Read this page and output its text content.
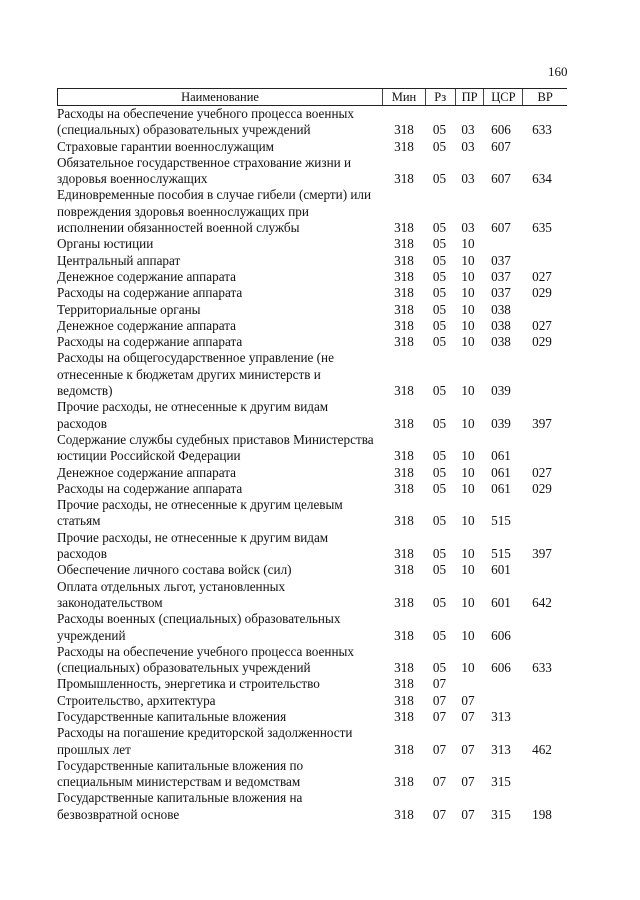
160
Наименование	Мин	Рз	ПР	ЦСР	ВР
Расходы на обеспечение учебного процесса военных (специальных) образовательных учреждений	318	05	03	606	633
Страховые гарантии военнослужащим	318	05	03	607
Обязательное государственное страхование жизни и здоровья военнослужащих	318	05	03	607	634
Единовременные пособия в случае гибели (смерти) или повреждения здоровья военнослужащих при исполнении обязанностей военной службы	318	05	03	607	635
Органы юстиции	318	05	10
Центральный аппарат	318	05	10	037
Денежное содержание аппарата	318	05	10	037	027
Расходы на содержание аппарата	318	05	10	037	029
Территориальные органы	318	05	10	038
Денежное содержание аппарата	318	05	10	038	027
Расходы на содержание аппарата	318	05	10	038	029
Расходы на общегосударственное управление (не отнесенные к бюджетам других министерств и ведомств)	318	05	10	039
Прочие расходы, не отнесенные к другим видам расходов	318	05	10	039	397
Содержание службы судебных приставов Министерства юстиции Российской Федерации	318	05	10	061
Денежное содержание аппарата	318	05	10	061	027
Расходы на содержание аппарата	318	05	10	061	029
Прочие расходы, не отнесенные к другим целевым статьям	318	05	10	515
Прочие расходы, не отнесенные к другим видам расходов	318	05	10	515	397
Обеспечение личного состава войск (сил)	318	05	10	601
Оплата отдельных льгот, установленных законодательством	318	05	10	601	642
Расходы военных (специальных) образовательных учреждений	318	05	10	606
Расходы на обеспечение учебного процесса военных (специальных) образовательных учреждений	318	05	10	606	633
Промышленность, энергетика и строительство	318	07
Строительство, архитектура	318	07	07
Государственные капитальные вложения	318	07	07	313
Расходы на погашение кредиторской задолженности прошлых лет	318	07	07	313	462
Государственные капитальные вложения по специальным министерствам и ведомствам	318	07	07	315
Государственные капитальные вложения на безвозвратной основе	318	07	07	315	198
